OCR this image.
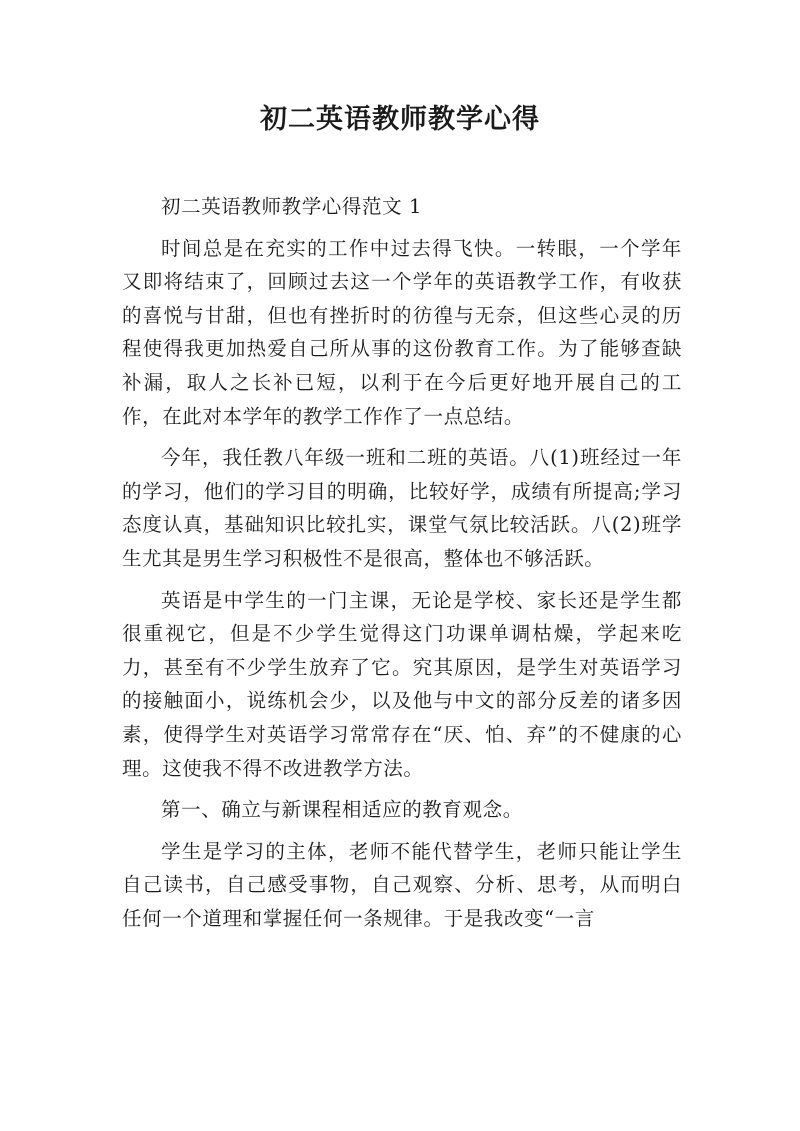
初二英语教师教学心得

初二英语教师教学心得范文 1

时间总是在充实的工作中过去得飞快。一转眼，一个学年又即将结束了，回顾过去这一个学年的英语教学工作，有收获的喜悦与甘甜，但也有挫折时的彷徨与无奈，但这些心灵的历程使得我更加热爱自己所从事的这份教育工作。为了能够查缺补漏，取人之长补已短，以利于在今后更好地开展自己的工作，在此对本学年的教学工作作了一点总结。

今年，我任教八年级一班和二班的英语。八(1)班经过一年的学习，他们的学习目的明确，比较好学，成绩有所提高;学习态度认真，基础知识比较扎实，课堂气氛比较活跃。八(2)班学生尤其是男生学习积极性不是很高，整体也不够活跃。

英语是中学生的一门主课，无论是学校、家长还是学生都很重视它，但是不少学生觉得这门功课单调枯燥，学起来吃力，甚至有不少学生放弃了它。究其原因，是学生对英语学习的接触面小，说练机会少，以及他与中文的部分反差的诸多因素，使得学生对英语学习常常存在“厌、怕、弃”的不健康的心理。这使我不得不改进教学方法。

第一、确立与新课程相适应的教育观念。

学生是学习的主体，老师不能代替学生，老师只能让学生自己读书，自己感受事物，自己观察、分析、思考，从而明白任何一个道理和掌握任何一条规律。于是我改变“一言
